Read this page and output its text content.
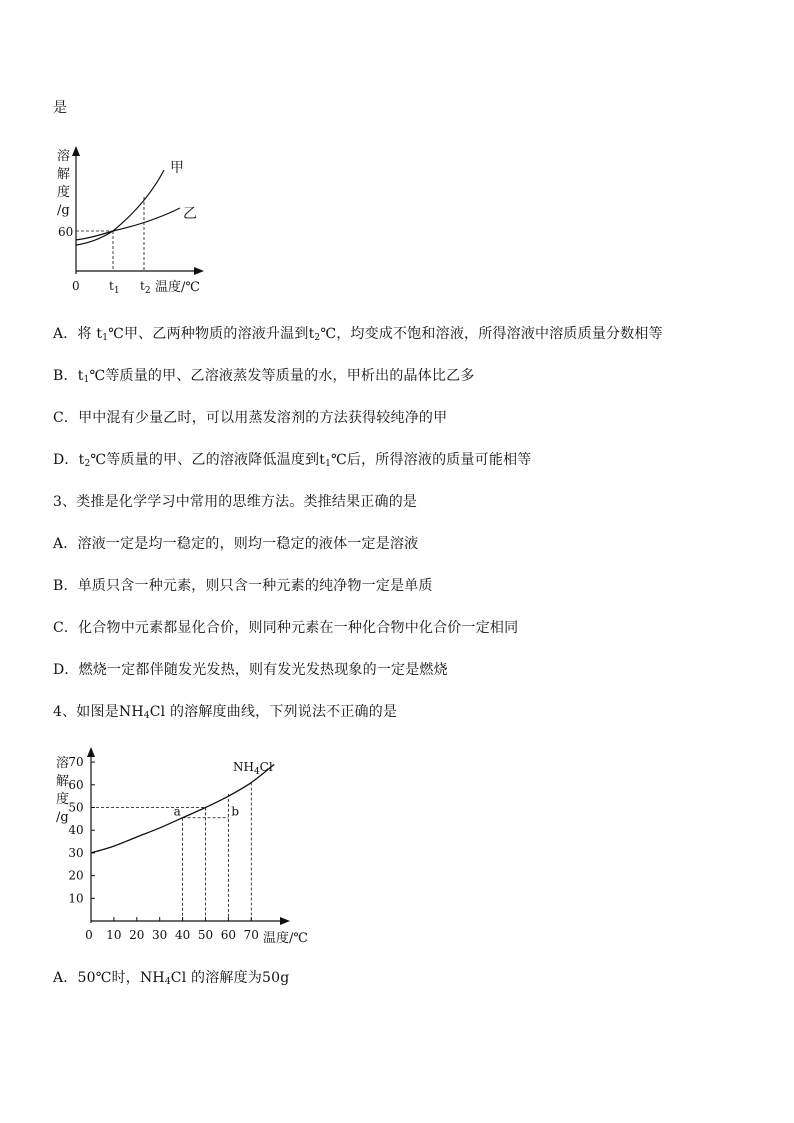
是
溶
解
度
/g
60
甲
乙
0 $t_1$ $t_2$ 温度/℃
A．将 $t_1℃$甲、乙两种物质的溶液升温到$t_2℃$，均变成不饱和溶液，所得溶液中溶质质量分数相等
B．$t_1℃$等质量的甲、乙溶液蒸发等质量的水，甲析出的晶体比乙多
C．甲中混有少量乙时，可以用蒸发溶剂的方法获得较纯净的甲
D．$t_2℃$等质量的甲、乙的溶液降低温度到$t_1℃$后，所得溶液的质量可能相等
3、类推是化学学习中常用的思维方法。类推结果正确的是
A．溶液一定是均一稳定的，则均一稳定的液体一定是溶液
B．单质只含一种元素，则只含一种元素的纯净物一定是单质
C．化合物中元素都显化合价，则同种元素在一种化合物中化合价一定相同
D．燃烧一定都伴随发光发热，则有发光发热现象的一定是燃烧
4、如图是$NH_4Cl$ 的溶解度曲线，下列说法不正确的是
溶
解
度
/g
10
20
30
40
50
60
70
0 10 20 30 40 50 60 70
a	b
$NH_4Cl$
温度/℃
A．50℃时，$NH_4Cl$ 的溶解度为50g
